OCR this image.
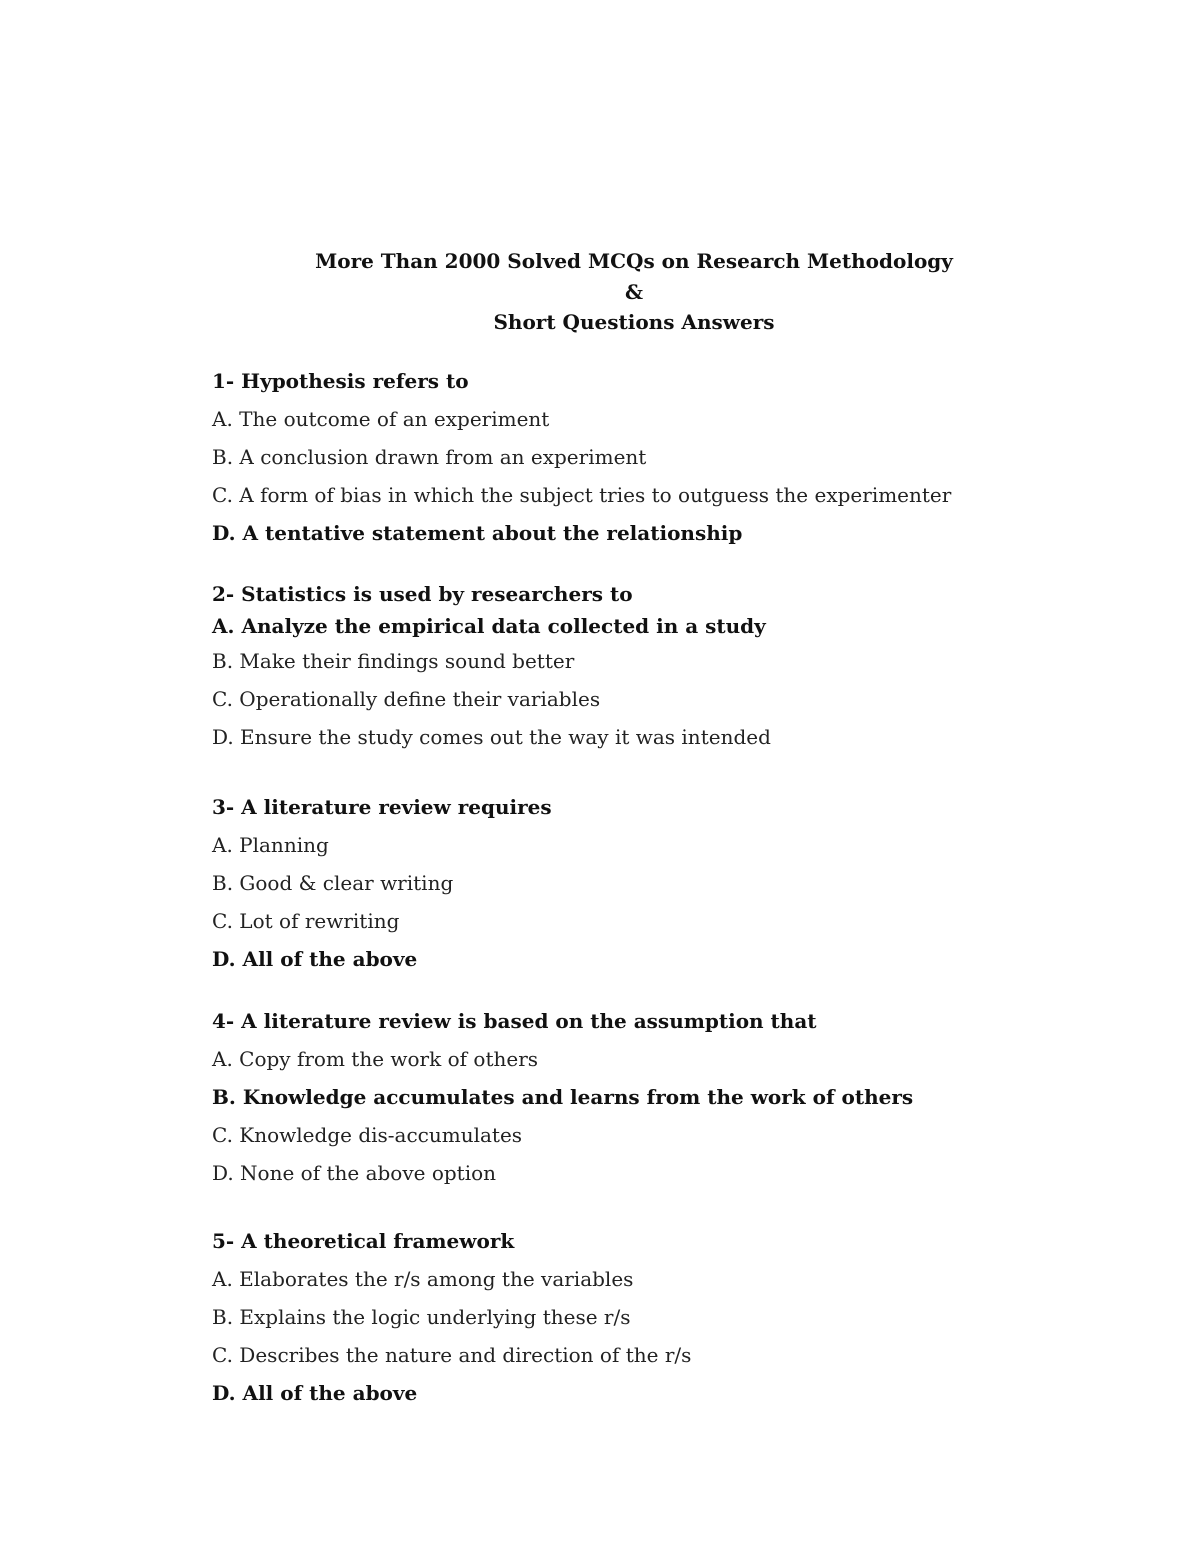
More Than 2000 Solved MCQs on Research Methodology
&
Short Questions Answers
1- Hypothesis refers to
A. The outcome of an experiment
B. A conclusion drawn from an experiment
C. A form of bias in which the subject tries to outguess the experimenter
D. A tentative statement about the relationship
2- Statistics is used by researchers to
A. Analyze the empirical data collected in a study
B. Make their findings sound better
C. Operationally define their variables
D. Ensure the study comes out the way it was intended
3- A literature review requires
A. Planning
B. Good & clear writing
C. Lot of rewriting
D. All of the above
4- A literature review is based on the assumption that
A. Copy from the work of others
B. Knowledge accumulates and learns from the work of others
C. Knowledge dis-accumulates
D. None of the above option
5- A theoretical framework
A. Elaborates the r/s among the variables
B. Explains the logic underlying these r/s
C. Describes the nature and direction of the r/s
D. All of the above
